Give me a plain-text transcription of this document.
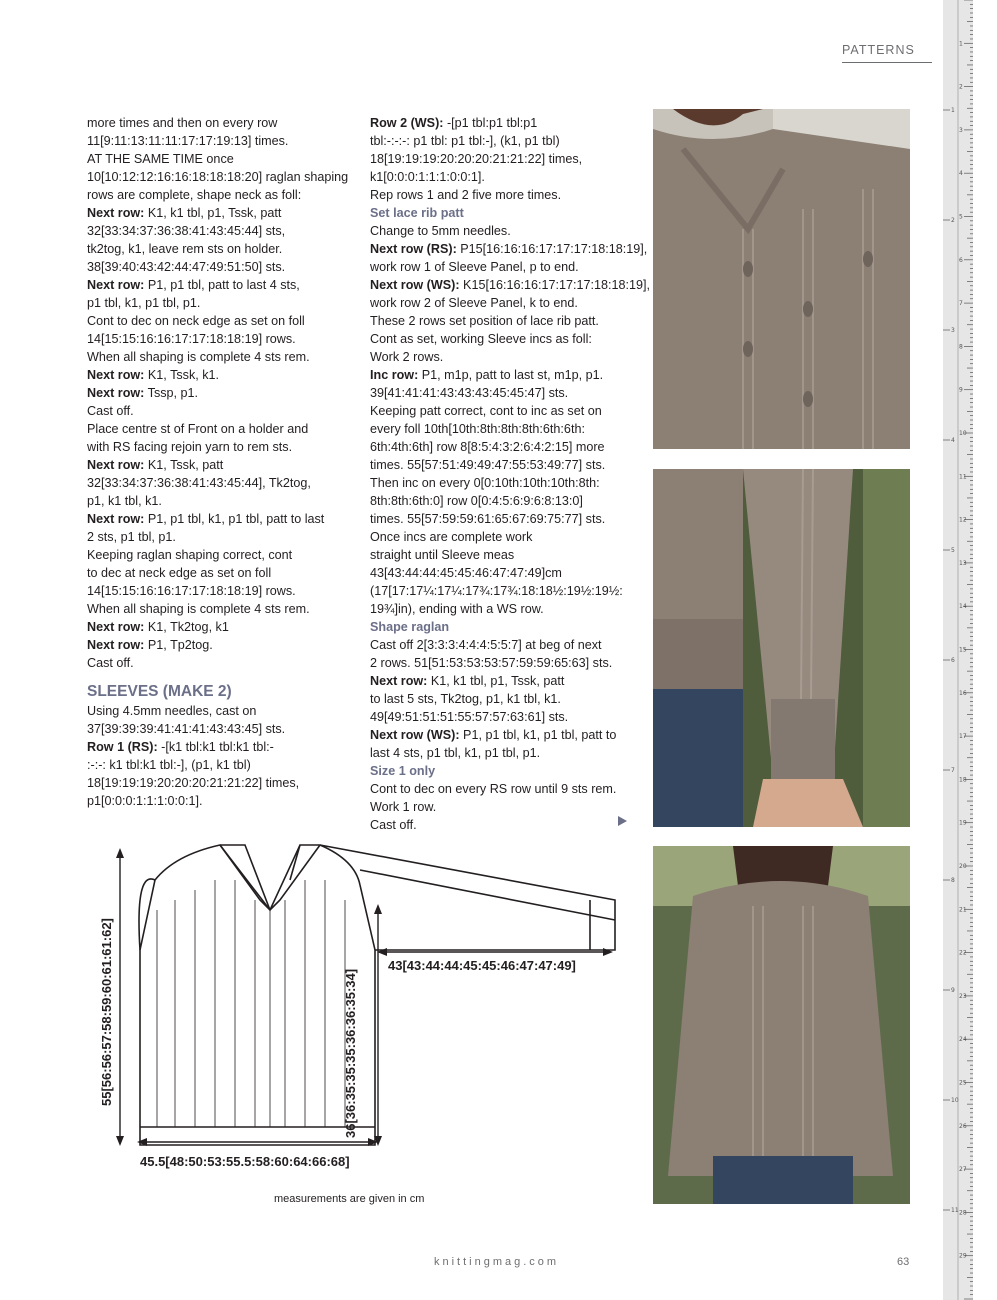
PATTERNS
more times and then on every row
11[9:11:13:11:11:17:17:19:13] times.
AT THE SAME TIME once
10[10:12:12:16:16:18:18:18:20] raglan shaping
rows are complete, shape neck as foll:
Next row: K1, k1 tbl, p1, Tssk, patt
32[33:34:37:36:38:41:43:45:44] sts,
tk2tog, k1, leave rem sts on holder.
38[39:40:43:42:44:47:49:51:50] sts.
Next row: P1, p1 tbl, patt to last 4 sts,
p1 tbl, k1, p1 tbl, p1.
Cont to dec on neck edge as set on foll
14[15:15:16:16:17:17:18:18:19] rows.
When all shaping is complete 4 sts rem.
Next row: K1, Tssk, k1.
Next row: Tssp, p1.
Cast off.
Place centre st of Front on a holder and
with RS facing rejoin yarn to rem sts.
Next row: K1, Tssk, patt
32[33:34:37:36:38:41:43:45:44], Tk2tog,
p1, k1 tbl, k1.
Next row: P1, p1 tbl, k1, p1 tbl, patt to last
2 sts, p1 tbl, p1.
Keeping raglan shaping correct, cont
to dec at neck edge as set on foll
14[15:15:16:16:17:17:18:18:19] rows.
When all shaping is complete 4 sts rem.
Next row: K1, Tk2tog, k1
Next row: P1, Tp2tog.
Cast off.
SLEEVES (MAKE 2)
Using 4.5mm needles, cast on
37[39:39:39:41:41:41:43:43:45] sts.
Row 1 (RS): -[k1 tbl:k1 tbl:k1 tbl:-
:-:-: k1 tbl:k1 tbl:-], (p1, k1 tbl)
18[19:19:19:20:20:20:21:21:22] times,
p1[0:0:0:1:1:1:0:0:1].
Row 2 (WS): -[p1 tbl:p1 tbl:p1
tbl:-:-:-: p1 tbl: p1 tbl:-], (k1, p1 tbl)
18[19:19:19:20:20:20:21:21:22] times,
k1[0:0:0:1:1:1:0:0:1].
Rep rows 1 and 2 five more times.
Set lace rib patt
Change to 5mm needles.
Next row (RS): P15[16:16:16:17:17:17:18:18:19],
work row 1 of Sleeve Panel, p to end.
Next row (WS): K15[16:16:16:17:17:17:18:18:19],
work row 2 of Sleeve Panel, k to end.
These 2 rows set position of lace rib patt.
Cont as set, working Sleeve incs as foll:
Work 2 rows.
Inc row: P1, m1p, patt to last st, m1p, p1.
39[41:41:41:43:43:43:45:45:47] sts.
Keeping patt correct, cont to inc as set on
every foll 10th[10th:8th:8th:8th:6th:6th:
6th:4th:6th] row 8[8:5:4:3:2:6:4:2:15] more
times. 55[57:51:49:49:47:55:53:49:77] sts.
Then inc on every 0[0:10th:10th:10th:8th:
8th:8th:6th:0] row 0[0:4:5:6:9:6:8:13:0]
times. 55[57:59:59:61:65:67:69:75:77] sts.
Once incs are complete work
straight until Sleeve meas
43[43:44:44:45:45:46:47:47:49]cm
(17[17:17¼:17¼:17¾:17¾:18:18½:19½:19½:
19¾]in), ending with a WS row.
Shape raglan
Cast off 2[3:3:3:4:4:4:5:5:7] at beg of next
2 rows. 51[51:53:53:53:57:59:59:65:63] sts.
Next row: K1, k1 tbl, p1, Tssk, patt
to last 5 sts, Tk2tog, p1, k1 tbl, k1.
49[49:51:51:51:55:57:57:63:61] sts.
Next row (WS): P1, p1 tbl, k1, p1 tbl, patt to
last 4 sts, p1 tbl, k1, p1 tbl, p1.
Size 1 only
Cont to dec on every RS row until 9 sts rem.
Work 1 row.
Cast off.
55[56:56:57:58:59:60:61:61:62]	36[36:35:35:35:36:36:35:34]
43[43:44:44:45:45:46:47:47:49]
45.5[48:50:53:55.5:58:60:64:66:68]
measurements are given in cm
knittingmag.com	63
1
2
3
4
5
6
7
8
9
10
11
12
13
14
15
16
17
18
19
20
21
22
23
24
25
26
27
28
29
1
2
3
4
5
6
7
8
9
10
11
